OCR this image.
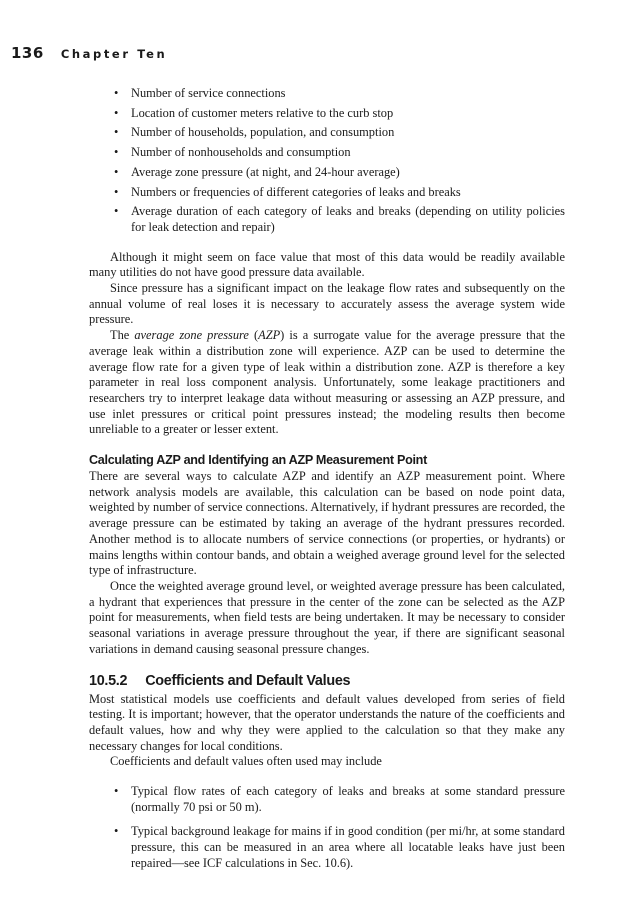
136 Chapter Ten
• Number of service connections
• Location of customer meters relative to the curb stop
• Number of households, population, and consumption
• Number of nonhouseholds and consumption
• Average zone pressure (at night, and 24-hour average)
• Numbers or frequencies of different categories of leaks and breaks
• Average duration of each category of leaks and breaks (depending on utility policies for leak detection and repair)

Although it might seem on face value that most of this data would be readily available many utilities do not have good pressure data available.

Since pressure has a significant impact on the leakage flow rates and subsequently on the annual volume of real loses it is necessary to accurately assess the average system wide pressure.

The average zone pressure (AZP) is a surrogate value for the average pressure that the average leak within a distribution zone will experience. AZP can be used to determine the average flow rate for a given type of leak within a distribution zone. AZP is therefore a key parameter in real loss component analysis. Unfortunately, some leakage practitioners and researchers try to interpret leakage data without measuring or assessing an AZP pressure, and use inlet pressures or critical point pressures instead; the modeling results then become unreliable to a greater or lesser extent.

Calculating AZP and Identifying an AZP Measurement Point

There are several ways to calculate AZP and identify an AZP measurement point. Where network analysis models are available, this calculation can be based on node point data, weighted by number of service connections. Alternatively, if hydrant pressures are recorded, the average pressure can be estimated by taking an average of the hydrant pressures recorded. Another method is to allocate numbers of service connections (or properties, or hydrants) or mains lengths within contour bands, and obtain a weighed average ground level for the selected type of infrastructure.

Once the weighted average ground level, or weighted average pressure has been calculated, a hydrant that experiences that pressure in the center of the zone can be selected as the AZP point for measurements, when field tests are being undertaken. It may be necessary to consider seasonal variations in average pressure throughout the year, if there are significant seasonal variations in demand causing seasonal pressure changes.

10.5.2 Coefficients and Default Values

Most statistical models use coefficients and default values developed from series of field testing. It is important; however, that the operator understands the nature of the coefficients and default values, how and why they were applied to the calculation so that they make any necessary changes for local conditions.

Coefficients and default values often used may include

• Typical flow rates of each category of leaks and breaks at some standard pressure (normally 70 psi or 50 m).
• Typical background leakage for mains if in good condition (per mi/hr, at some standard pressure, this can be measured in an area where all locatable leaks have just been repaired—see ICF calculations in Sec. 10.6).
